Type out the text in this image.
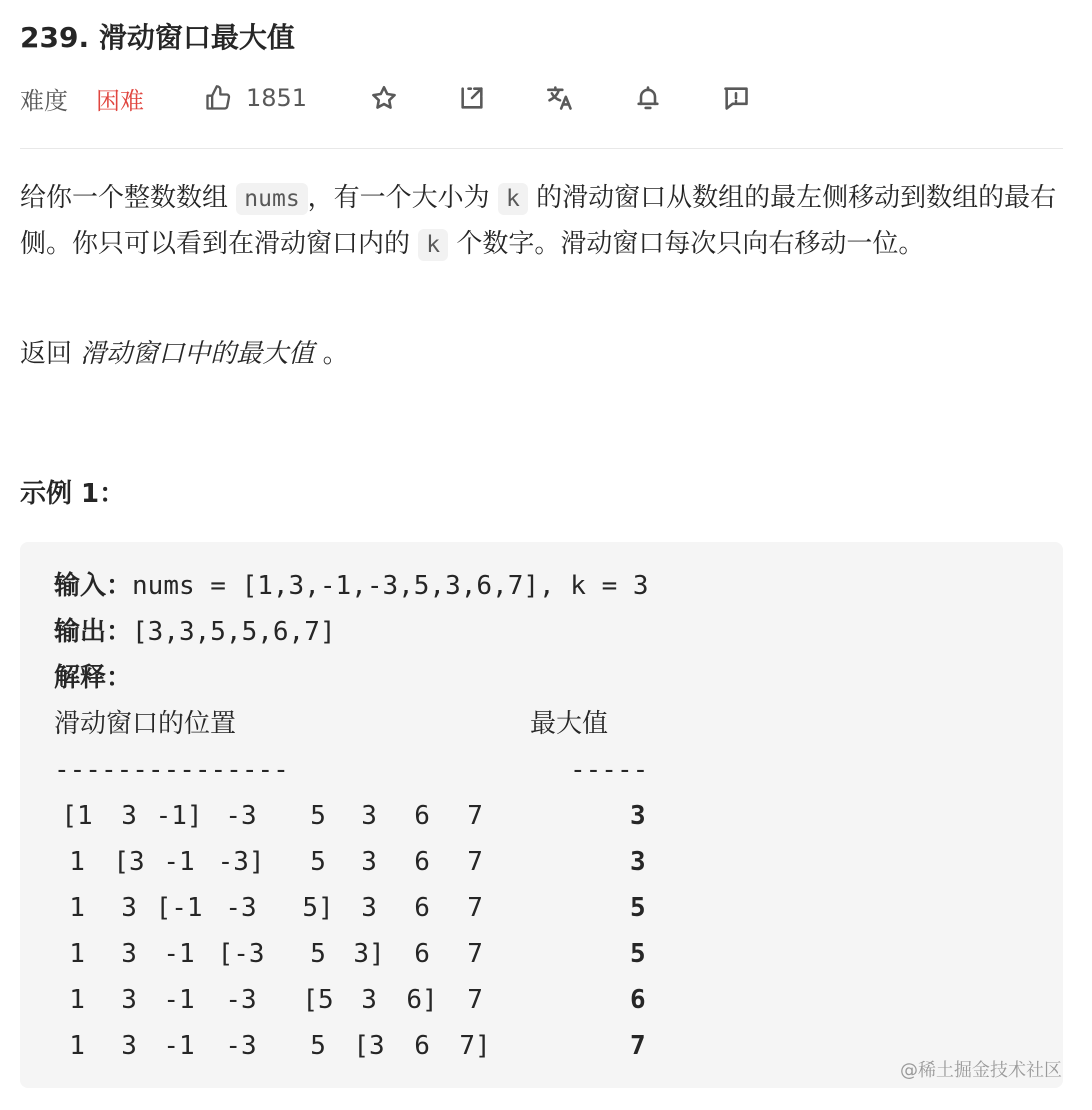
239. 滑动窗口最大值
难度 困难	1851
给你一个整数数组 nums ，有一个大小为 k 的滑动窗口从数组的最左侧移动到数组的最右侧。你只可以看到在滑动窗口内的 k 个数字。滑动窗口每次只向右移动一位。
返回 滑动窗口中的最大值 。
示例 1：
输入：nums = [1,3,-1,-3,5,3,6,7], k = 3
输出：[3,3,5,5,6,7]
解释：
滑动窗口的位置	最大值
---------------	-----
[1 3 -1] -3 5 3 6 7	3
1 [3 -1 -3] 5 3 6 7	3
1 3 [-1 -3 5] 3 6 7	5
1 3 -1 [-3 5 3] 6 7	5
1 3 -1 -3 [5 3 6] 7	6
1 3 -1 -3 5 [3 6 7]	7
@稀土掘金技术社区
